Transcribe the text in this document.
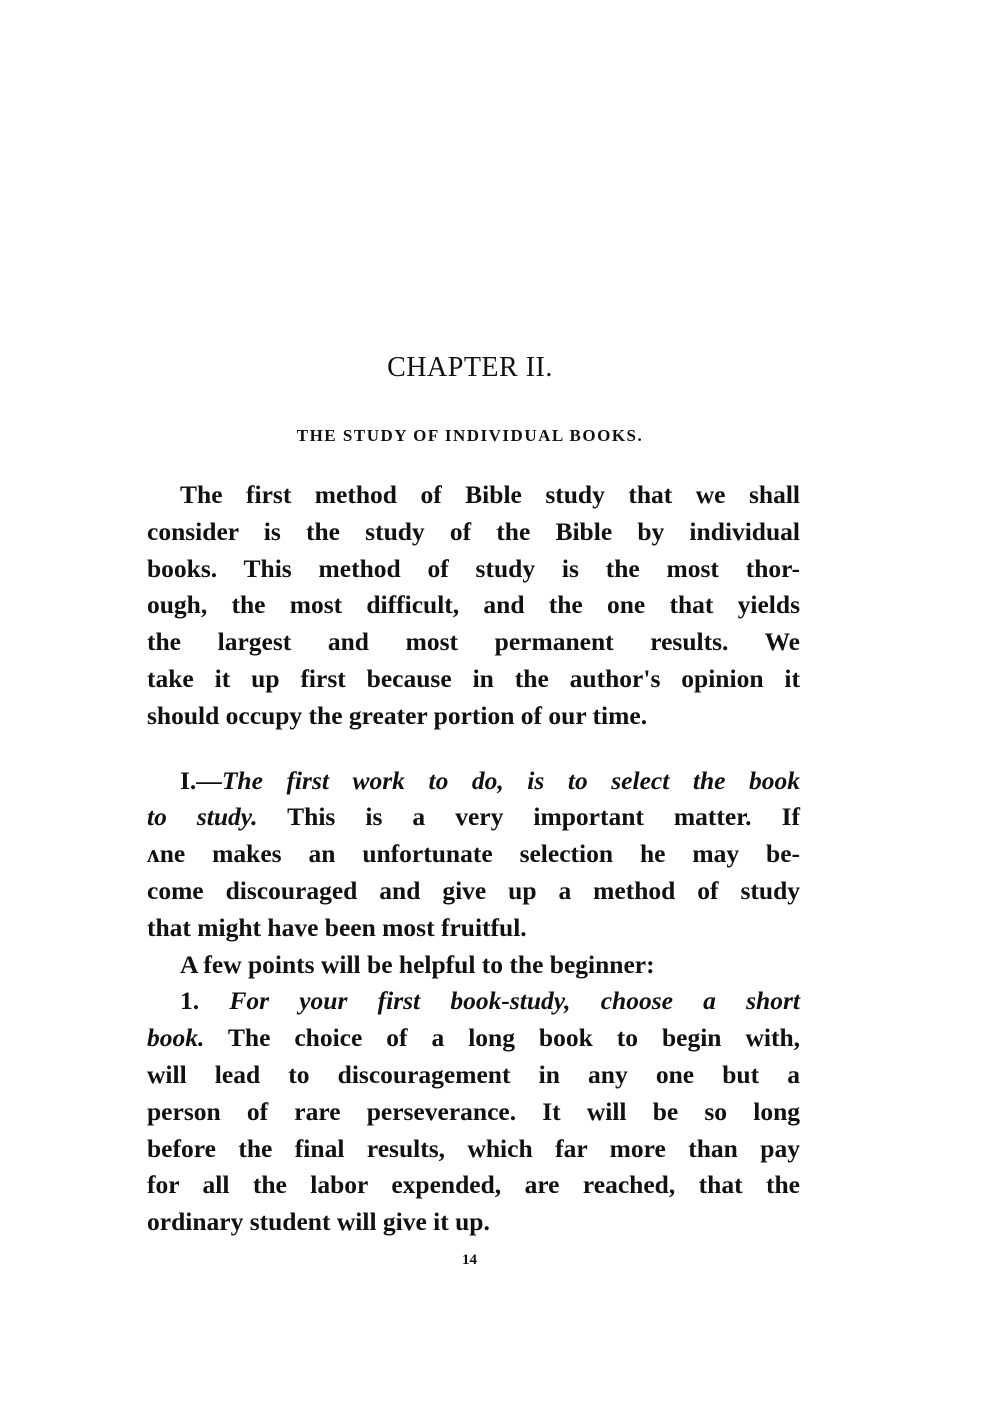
CHAPTER II.
THE STUDY OF INDIVIDUAL BOOKS.
The first method of Bible study that we shall
consider is the study of the Bible by individual
books. This method of study is the most thor-
ough, the most difficult, and the one that yields
the largest and most permanent results. We
take it up first because in the author's opinion it
should occupy the greater portion of our time.
I.—The first work to do, is to select the book
to study. This is a very important matter. If
ʌne makes an unfortunate selection he may be-
come discouraged and give up a method of study
that might have been most fruitful.
A few points will be helpful to the beginner:
1. For your first book-study, choose a short
book. The choice of a long book to begin with,
will lead to discouragement in any one but a
person of rare perseverance. It will be so long
before the final results, which far more than pay
for all the labor expended, are reached, that the
ordinary student will give it up.
14
